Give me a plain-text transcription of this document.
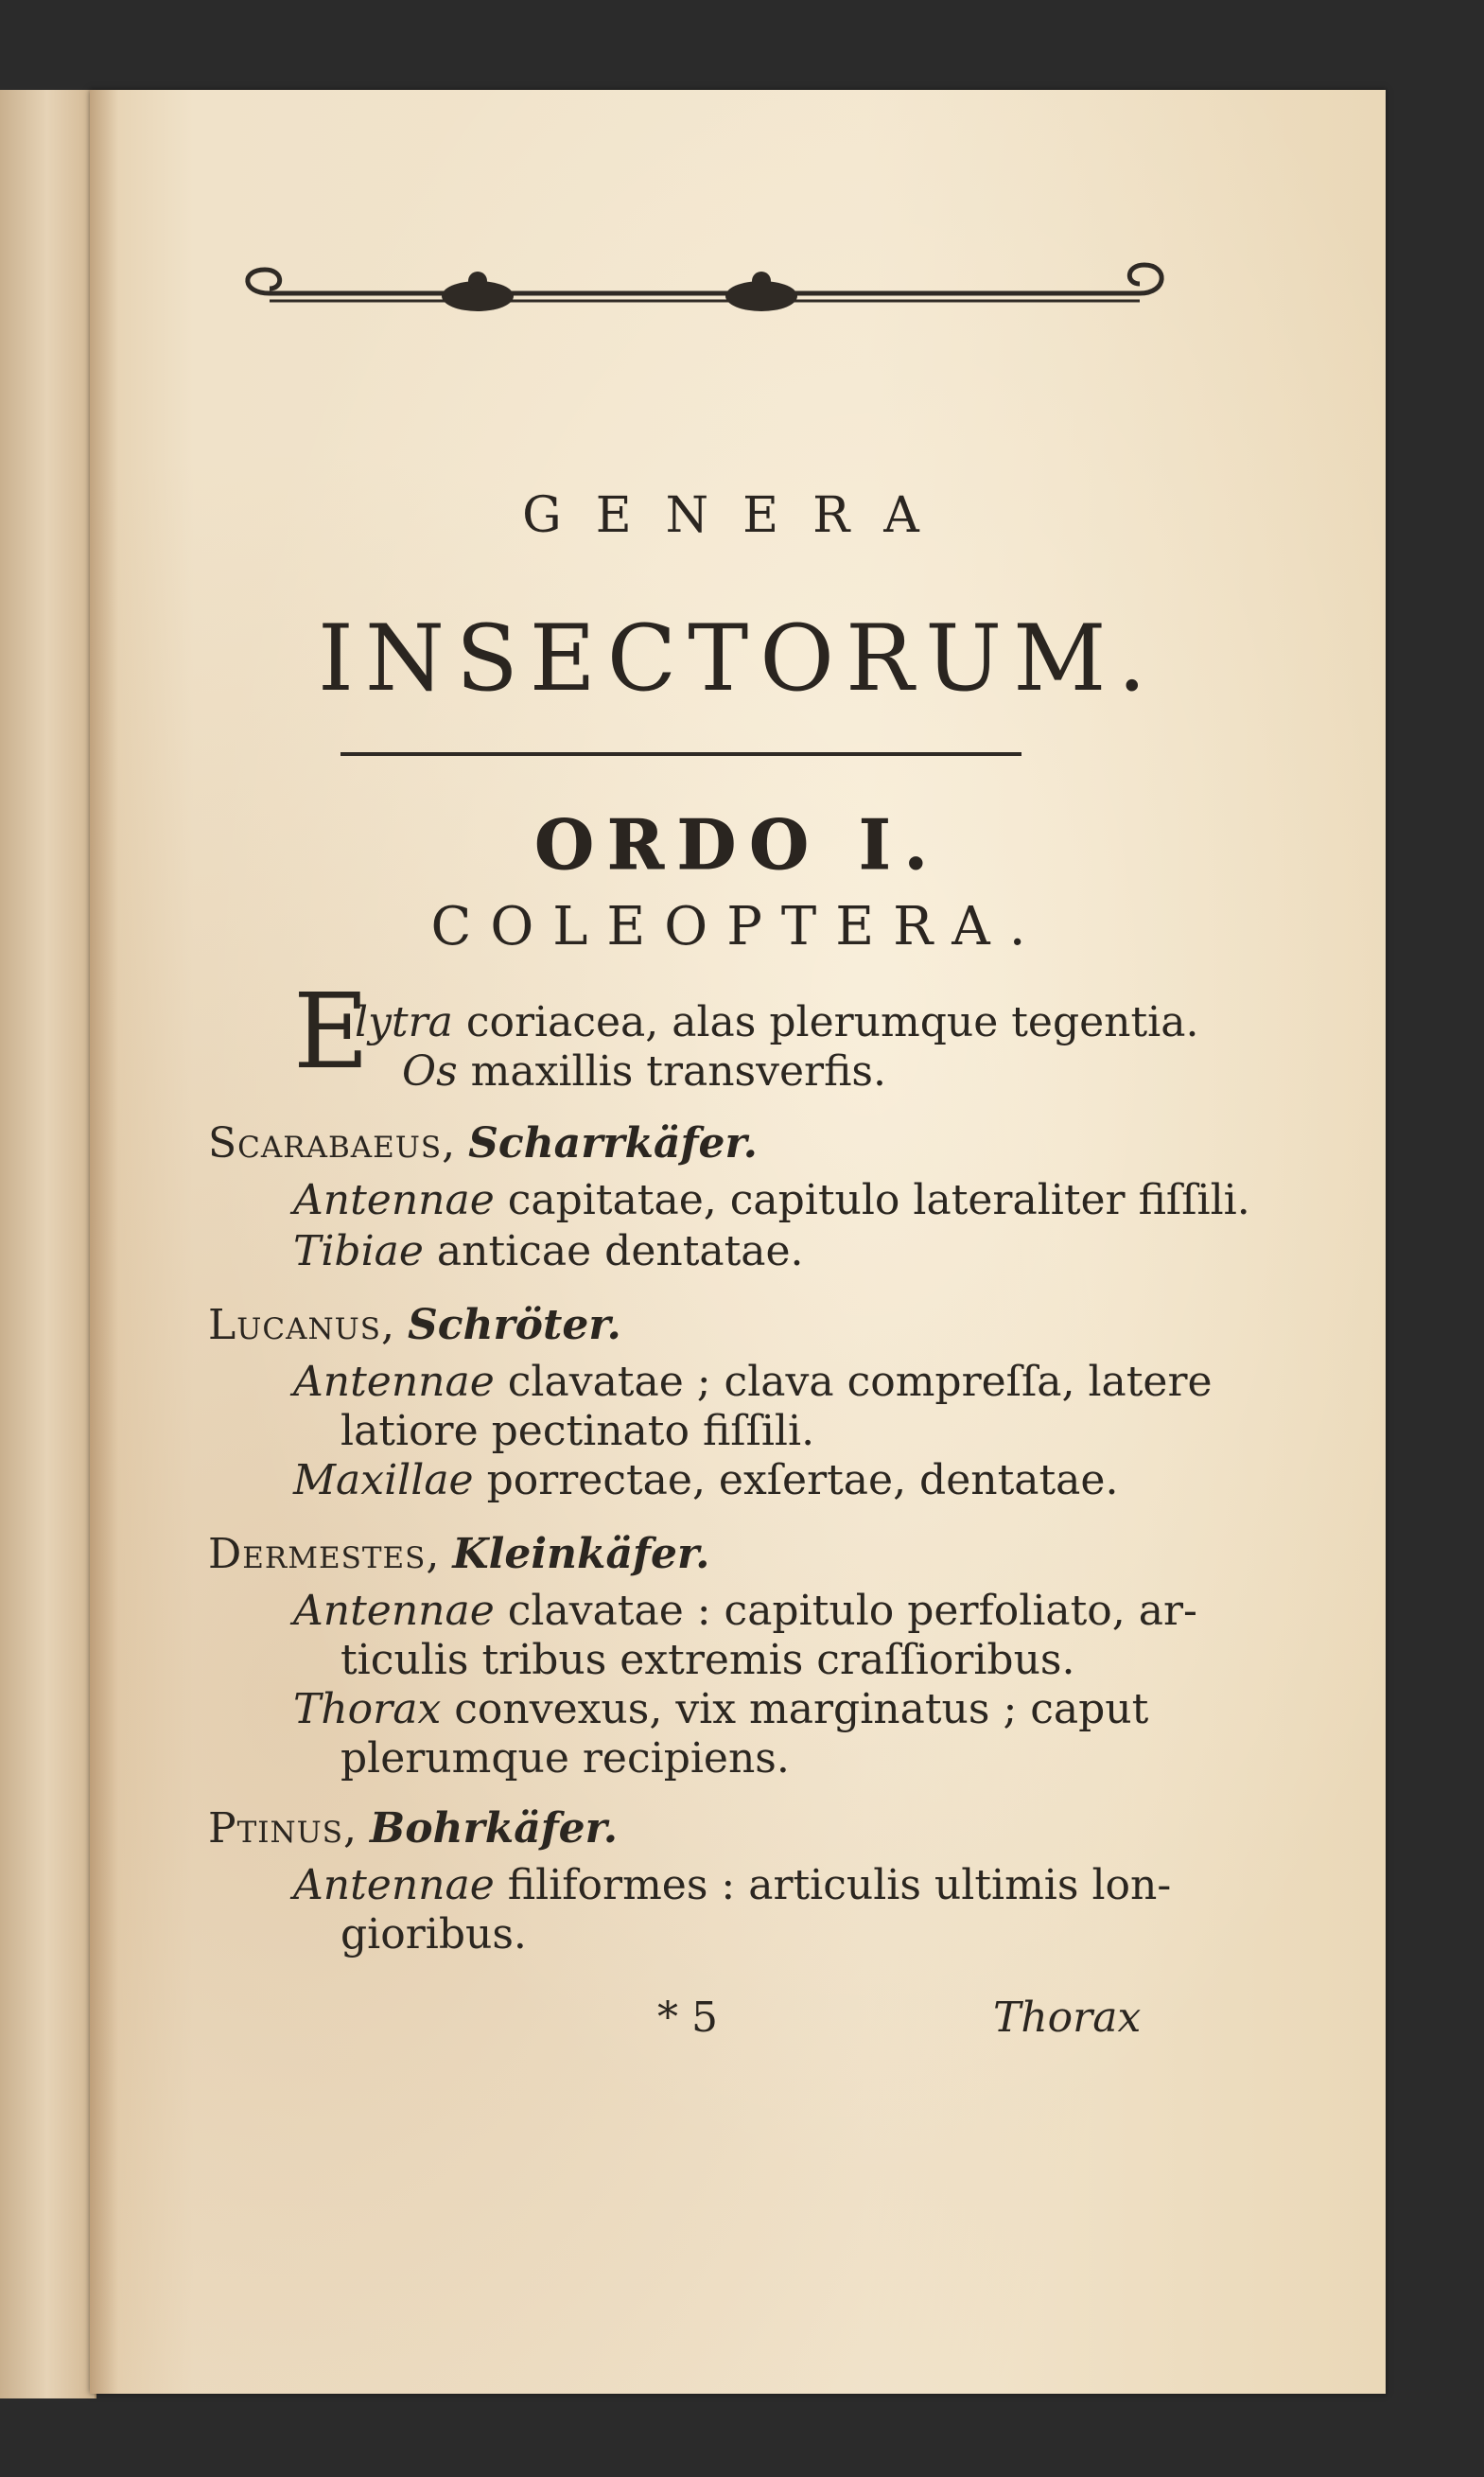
GENERA
INSECTORUM.
ORDO I.
COLEOPTERA.
E
lytra coriacea, alas plerumque tegentia.
Os maxillis transverfis.
Scarabaeus, Scharrkäfer.
Antennae capitatae, capitulo lateraliter fiſſili.
Tibiae anticae dentatae.
Lucanus, Schröter.
Antennae clavatae ; clava compreſſa, latere
latiore pectinato fiſſili.
Maxillae porrectae, exſertae, dentatae.
Dermestes, Kleinkäfer.
Antennae clavatae : capitulo perfoliato, ar-
ticulis tribus extremis craſſioribus.
Thorax convexus, vix marginatus ; caput
plerumque recipiens.
Ptinus, Bohrkäfer.
Antennae filiformes : articulis ultimis lon-
gioribus.
* 5	Thorax
